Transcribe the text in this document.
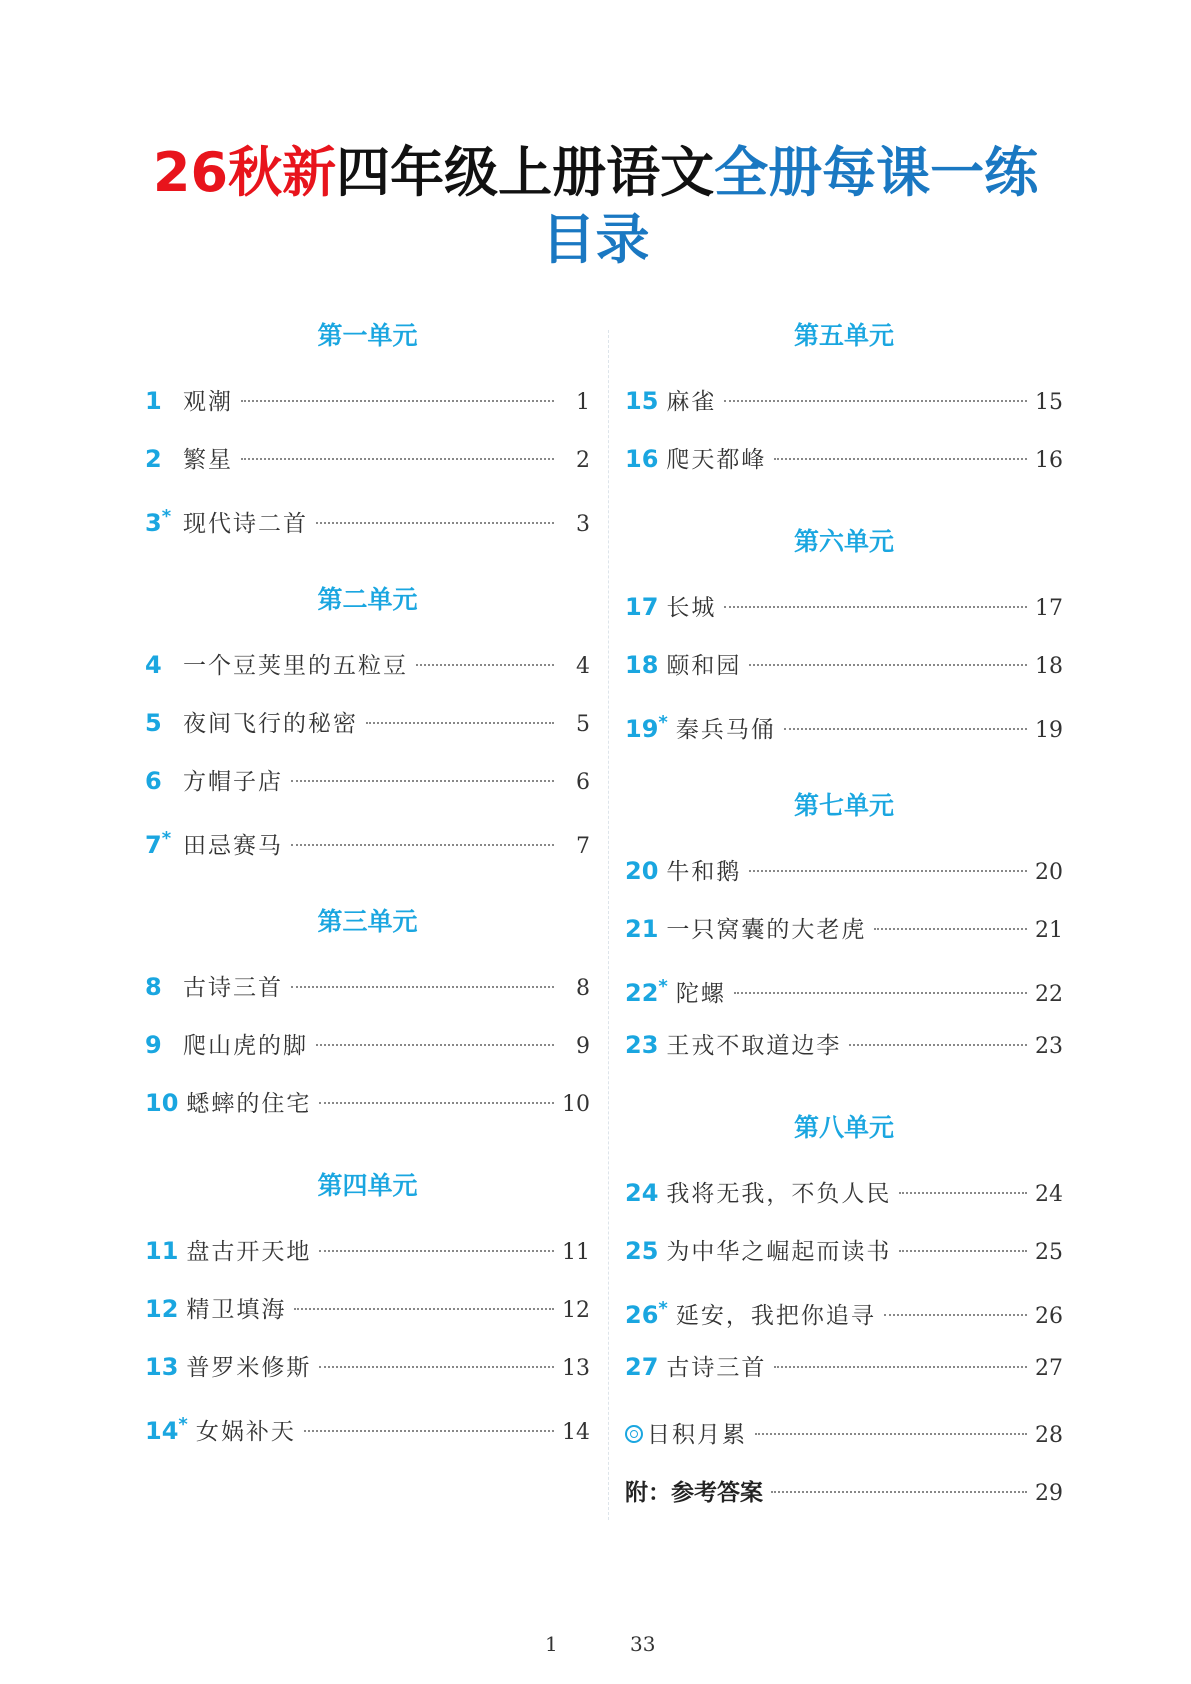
26秋新四年级上册语文全册每课一练
目录
第一单元
1 观潮	1
2 繁星	2
3* 现代诗二首	3
第二单元
4 一个豆荚里的五粒豆	4
5 夜间飞行的秘密	5
6 方帽子店	6
7* 田忌赛马	7
第三单元
8 古诗三首	8
9 爬山虎的脚	9
10 蟋蟀的住宅	10
第四单元
11 盘古开天地	11
12 精卫填海	12
13 普罗米修斯	13
14* 女娲补天	14
第五单元
15 麻雀	15
16 爬天都峰	16
第六单元
17 长城	17
18 颐和园	18
19* 秦兵马俑	19
第七单元
20 牛和鹅	20
21 一只窝囊的大老虎	21
22* 陀螺	22
23 王戎不取道边李	23
第八单元
24 我将无我，不负人民	24
25 为中华之崛起而读书	25
26* 延安，我把你追寻	26
27 古诗三首	27
日积月累	28
附：参考答案	29
1	33
